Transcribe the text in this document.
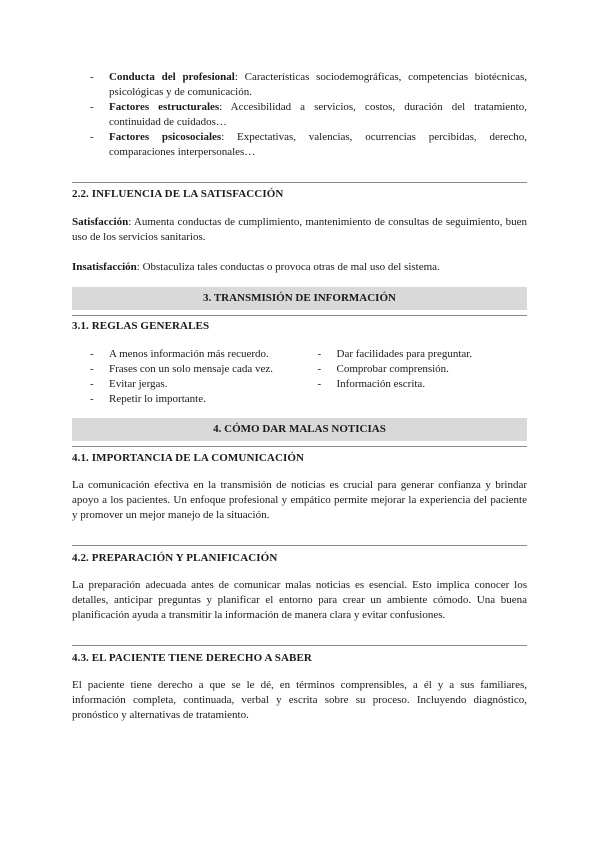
- Conducta del profesional: Características sociodemográficas, competencias biotécnicas, psicológicas y de comunicación.
- Factores estructurales: Accesibilidad a servicios, costos, duración del tratamiento, continuidad de cuidados…
- Factores psicosociales: Expectativas, valencias, ocurrencias percibidas, derecho, comparaciones interpersonales…
2.2. INFLUENCIA DE LA SATISFACCIÓN

Satisfacción: Aumenta conductas de cumplimiento, mantenimiento de consultas de seguimiento, buen uso de los servicios sanitarios.

Insatisfacción: Obstaculiza tales conductas o provoca otras de mal uso del sistema.

3. TRANSMISIÓN DE INFORMACIÓN
3.1. REGLAS GENERALES
- A menos información más recuerdo.
- Frases con un solo mensaje cada vez.
- Evitar jergas.
- Repetir lo importante.
- Dar facilidades para preguntar.
- Comprobar comprensión.
- Información escrita.
4. CÓMO DAR MALAS NOTICIAS
4.1. IMPORTANCIA DE LA COMUNICACIÓN

La comunicación efectiva en la transmisión de noticias es crucial para generar confianza y brindar apoyo a los pacientes. Un enfoque profesional y empático permite mejorar la experiencia del paciente y promover un mejor manejo de la situación.

4.2. PREPARACIÓN Y PLANIFICACIÓN

La preparación adecuada antes de comunicar malas noticias es esencial. Esto implica conocer los detalles, anticipar preguntas y planificar el entorno para crear un ambiente cómodo. Una buena planificación ayuda a transmitir la información de manera clara y evitar confusiones.

4.3. EL PACIENTE TIENE DERECHO A SABER

El paciente tiene derecho a que se le dé, en términos comprensibles, a él y a sus familiares, información completa, continuada, verbal y escrita sobre su proceso. Incluyendo diagnóstico, pronóstico y alternativas de tratamiento.
